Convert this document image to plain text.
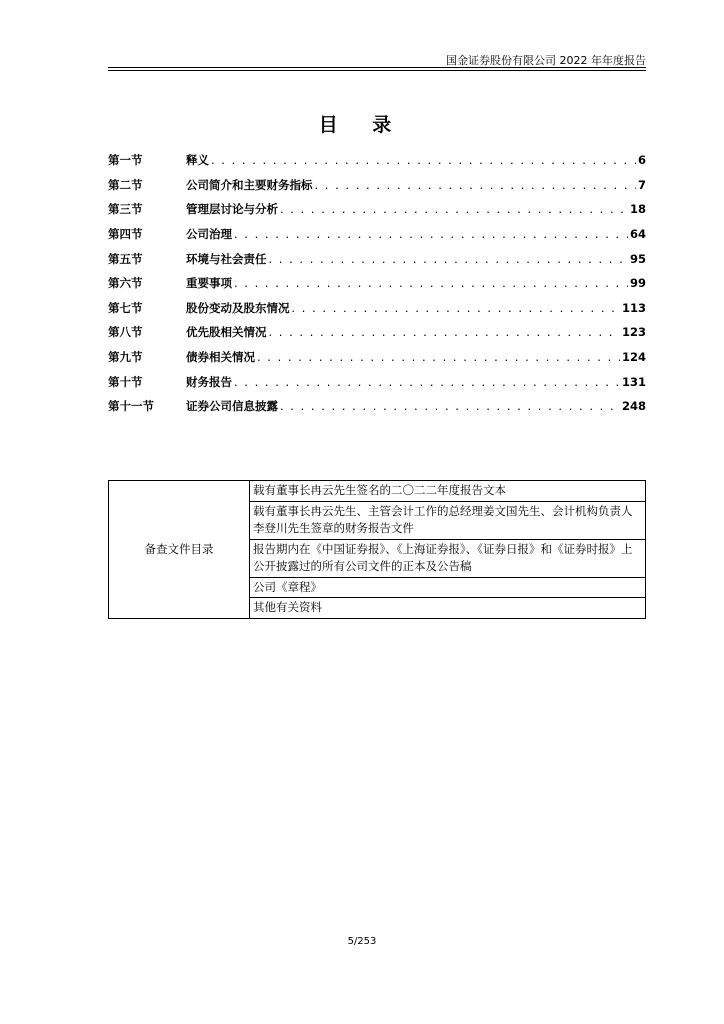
国金证券股份有限公司 2022 年年度报告
目 录
第一节	释义 . . .	6
第二节	公司简介和主要财务指标 . . .	7
第三节	管理层讨论与分析 . . .	18
第四节	公司治理 . . .	64
第五节	环境与社会责任 . . .	95
第六节	重要事项 . . .	99
第七节	股份变动及股东情况 . . .	113
第八节	优先股相关情况 . . .	123
第九节	债券相关情况 . . .	124
第十节	财务报告 . . .	131
第十一节	证券公司信息披露 . . .	248
备查文件目录	载有董事长冉云先生签名的二〇二二年度报告文本
载有董事长冉云先生、主管会计工作的总经理姜文国先生、会计机构负责人李登川先生签章的财务报告文件
报告期内在《中国证券报》、《上海证券报》、《证券日报》和《证券时报》上公开披露过的所有公司文件的正本及公告稿
公司《章程》
其他有关资料
5/253
